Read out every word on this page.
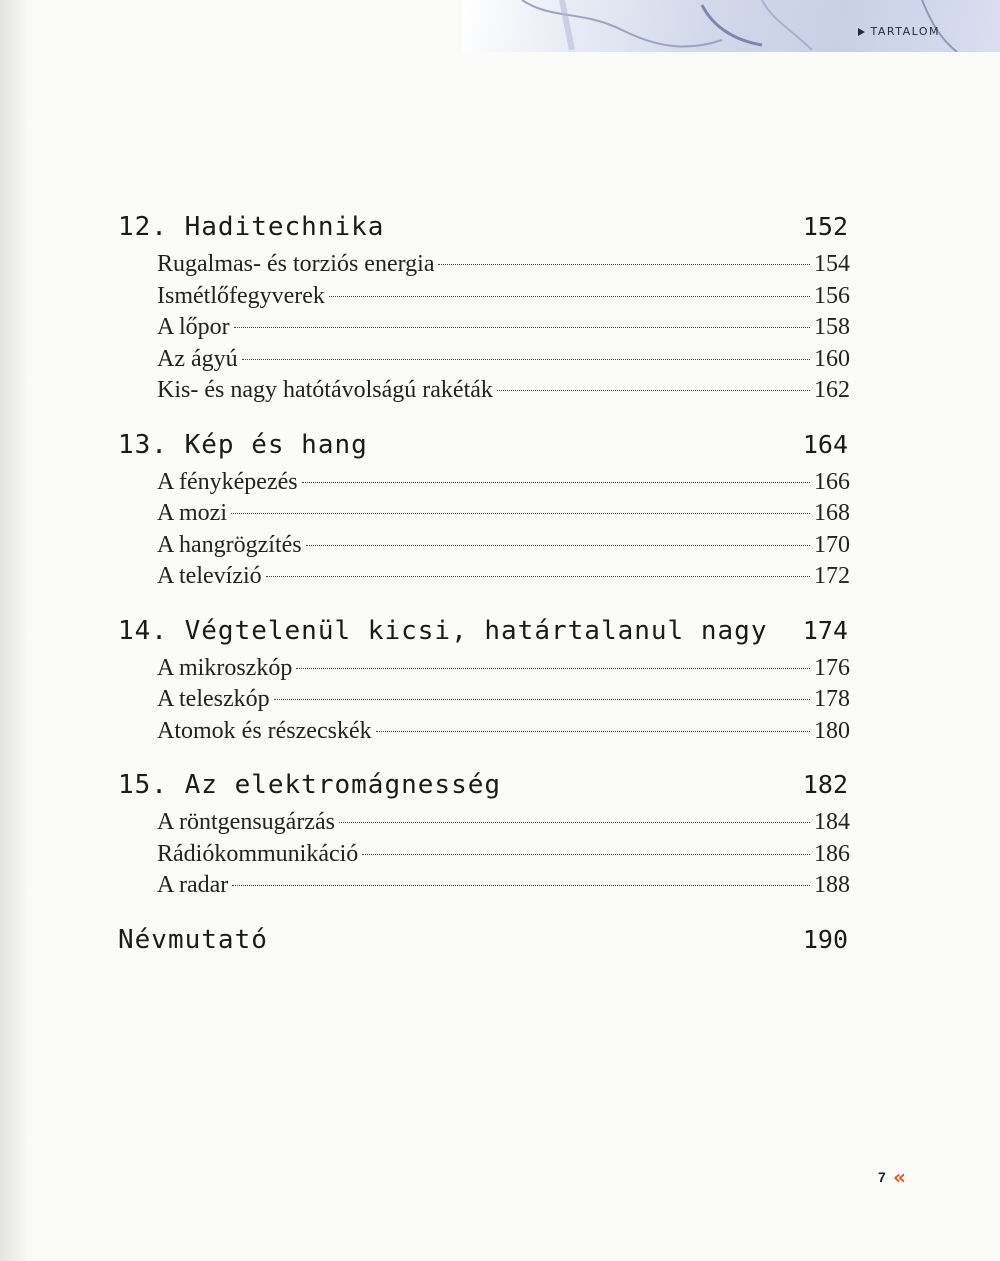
TARTALOM
12. Haditechnika	152
Rugalmas- és torziós energia	154
Ismétlőfegyverek	156
A lőpor	158
Az ágyú	160
Kis- és nagy hatótávolságú rakéták	162
13. Kép és hang	164
A fényképezés	166
A mozi	168
A hangrögzítés	170
A televízió	172
14. Végtelenül kicsi, határtalanul nagy 174
A mikroszkóp	176
A teleszkóp	178
Atomok és részecskék	180
15. Az elektromágnesség	182
A röntgensugárzás	184
Rádiókommunikáció	186
A radar	188
Névmutató	190
7 «
